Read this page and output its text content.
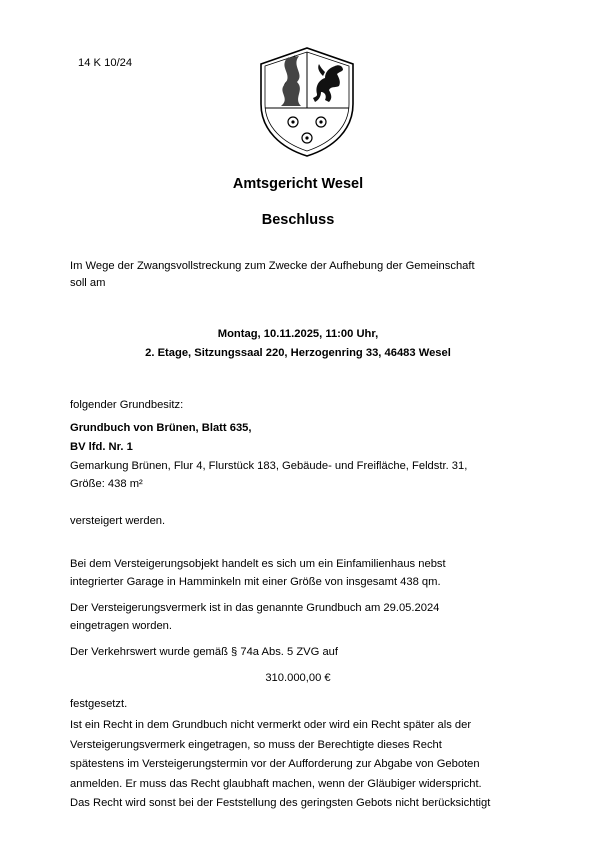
14 K 10/24
Amtsgericht Wesel
Beschluss
Im Wege der Zwangsvollstreckung zum Zwecke der Aufhebung der Gemeinschaft
soll am
Montag, 10.11.2025, 11:00 Uhr,
2. Etage, Sitzungssaal 220, Herzogenring 33, 46483 Wesel
folgender Grundbesitz:
Grundbuch von Brünen, Blatt 635,
BV lfd. Nr. 1
Gemarkung Brünen, Flur 4, Flurstück 183, Gebäude- und Freifläche, Feldstr. 31,
Größe: 438 m²
versteigert werden.
Bei dem Versteigerungsobjekt handelt es sich um ein Einfamilienhaus nebst
integrierter Garage in Hamminkeln mit einer Größe von insgesamt 438 qm.
Der Versteigerungsvermerk ist in das genannte Grundbuch am 29.05.2024
eingetragen worden.
Der Verkehrswert wurde gemäß § 74a Abs. 5 ZVG auf
310.000,00 €
festgesetzt.
Ist ein Recht in dem Grundbuch nicht vermerkt oder wird ein Recht später als der
Versteigerungsvermerk eingetragen, so muss der Berechtigte dieses Recht
spätestens im Versteigerungstermin vor der Aufforderung zur Abgabe von Geboten
anmelden. Er muss das Recht glaubhaft machen, wenn der Gläubiger widerspricht.
Das Recht wird sonst bei der Feststellung des geringsten Gebots nicht berücksichtigt
